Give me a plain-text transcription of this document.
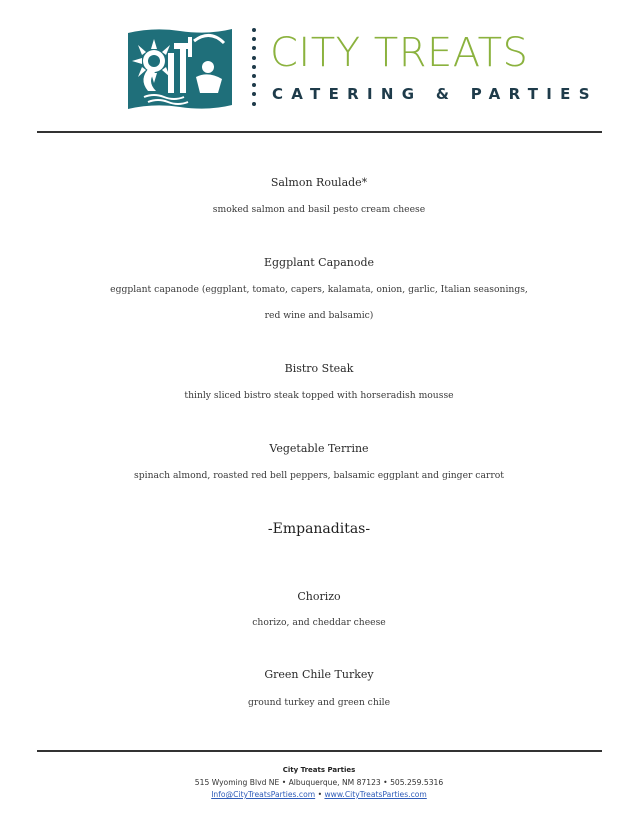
CITY TREATS
CATERING & PARTIES
Salmon Roulade*
smoked salmon and basil pesto cream cheese
Eggplant Capanode
eggplant capanode (eggplant, tomato, capers, kalamata, onion, garlic, Italian seasonings,
red wine and balsamic)
Bistro Steak
thinly sliced bistro steak topped with horseradish mousse
Vegetable Terrine
spinach almond, roasted red bell peppers, balsamic eggplant and ginger carrot
-Empanaditas-
Chorizo
chorizo, and cheddar cheese
Green Chile Turkey
ground turkey and green chile
City Treats Parties
515 Wyoming Blvd NE • Albuquerque, NM 87123 • 505.259.5316
Info@CityTreatsParties.com • www.CityTreatsParties.com
